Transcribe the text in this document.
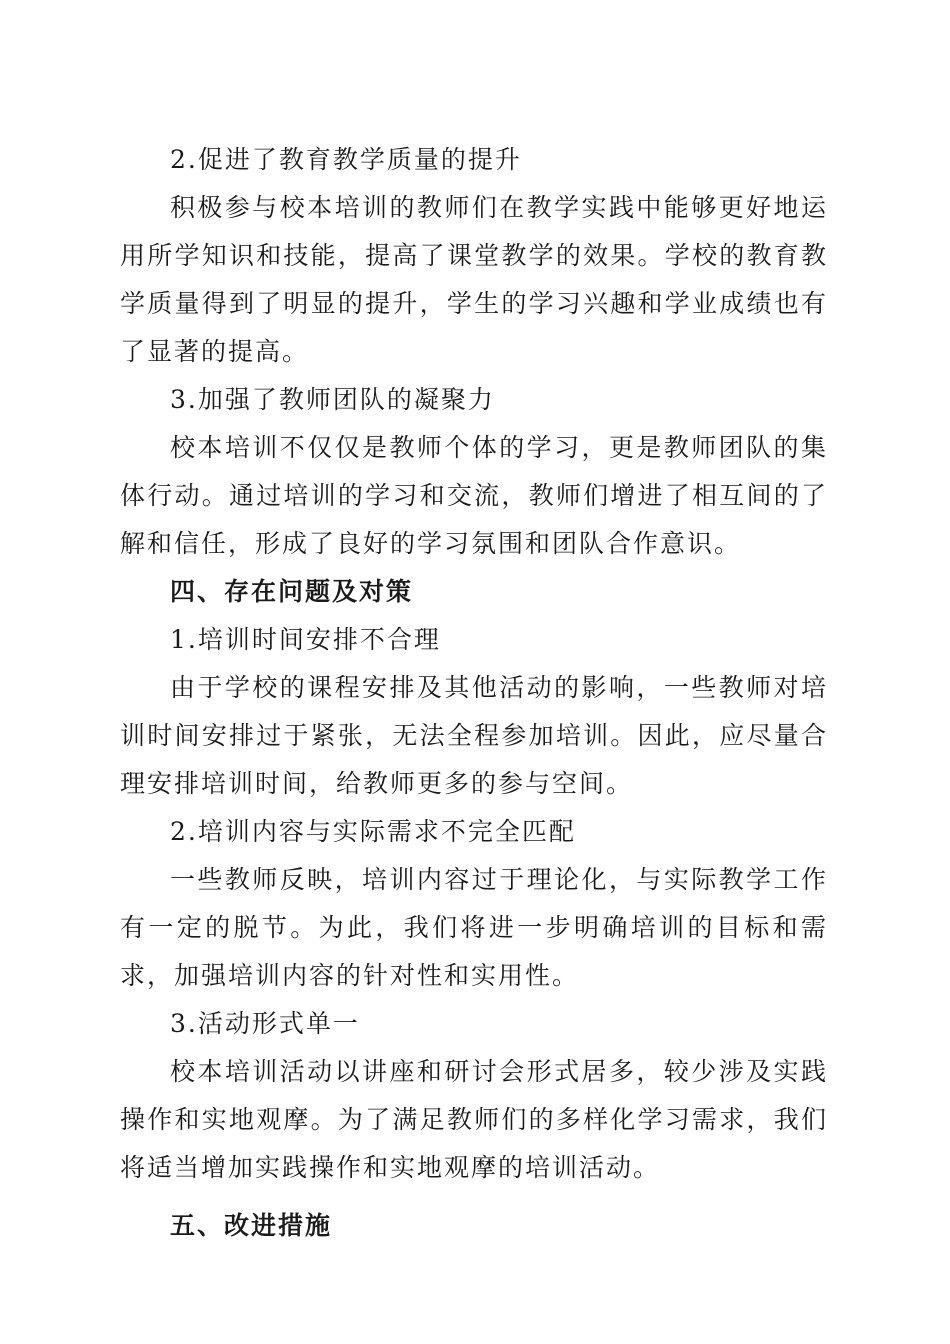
2.促进了教育教学质量的提升

积极参与校本培训的教师们在教学实践中能够更好地运用所学知识和技能，提高了课堂教学的效果。学校的教育教学质量得到了明显的提升，学生的学习兴趣和学业成绩也有了显著的提高。

3.加强了教师团队的凝聚力

校本培训不仅仅是教师个体的学习，更是教师团队的集体行动。通过培训的学习和交流，教师们增进了相互间的了解和信任，形成了良好的学习氛围和团队合作意识。

四、存在问题及对策

1.培训时间安排不合理

由于学校的课程安排及其他活动的影响，一些教师对培训时间安排过于紧张，无法全程参加培训。因此，应尽量合理安排培训时间，给教师更多的参与空间。

2.培训内容与实际需求不完全匹配

一些教师反映，培训内容过于理论化，与实际教学工作有一定的脱节。为此，我们将进一步明确培训的目标和需求，加强培训内容的针对性和实用性。

3.活动形式单一

校本培训活动以讲座和研讨会形式居多，较少涉及实践操作和实地观摩。为了满足教师们的多样化学习需求，我们将适当增加实践操作和实地观摩的培训活动。

五、改进措施
